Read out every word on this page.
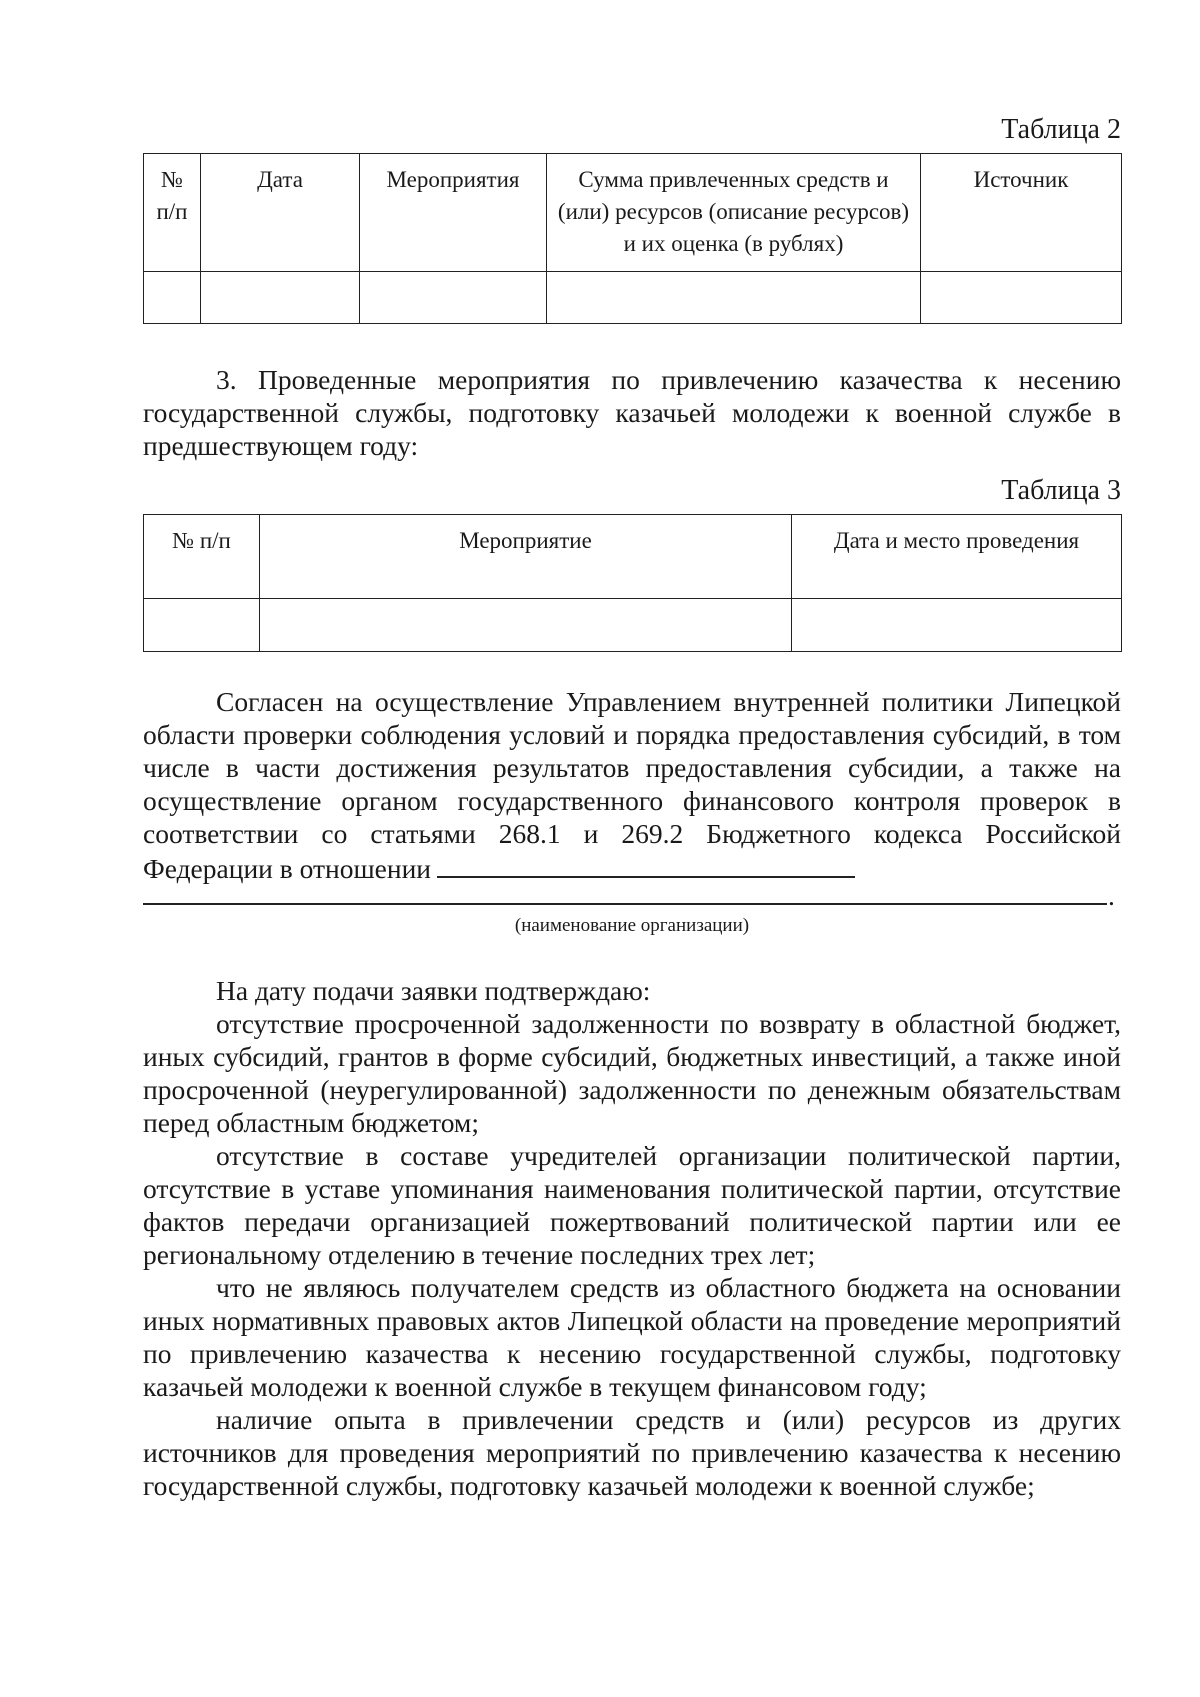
Таблица 2
№ п/п	Дата	Мероприятия	Сумма привлеченных средств и (или) ресурсов (описание ресурсов) и их оценка (в рублях)	Источник

3. Проведенные мероприятия по привлечению казачества к несению государственной службы, подготовку казачьей молодежи к военной службе в предшествующем году:
Таблица 3
№ п/п	Мероприятие	Дата и место проведения

Согласен на осуществление Управлением внутренней политики Липецкой области проверки соблюдения условий и порядка предоставления субсидий, в том числе в части достижения результатов предоставления субсидии, а также на осуществление органом государственного финансового контроля проверок в соответствии со статьями 268.1 и 269.2 Бюджетного кодекса Российской Федерации в отношении
.
(наименование организации)

На дату подачи заявки подтверждаю:

отсутствие просроченной задолженности по возврату в областной бюджет, иных субсидий, грантов в форме субсидий, бюджетных инвестиций, а также иной просроченной (неурегулированной) задолженности по денежным обязательствам перед областным бюджетом;

отсутствие в составе учредителей организации политической партии, отсутствие в уставе упоминания наименования политической партии, отсутствие фактов передачи организацией пожертвований политической партии или ее региональному отделению в течение последних трех лет;

что не являюсь получателем средств из областного бюджета на основании иных нормативных правовых актов Липецкой области на проведение мероприятий по привлечению казачества к несению государственной службы, подготовку казачьей молодежи к военной службе в текущем финансовом году;

наличие опыта в привлечении средств и (или) ресурсов из других источников для проведения мероприятий по привлечению казачества к несению государственной службы, подготовку казачьей молодежи к военной службе;
